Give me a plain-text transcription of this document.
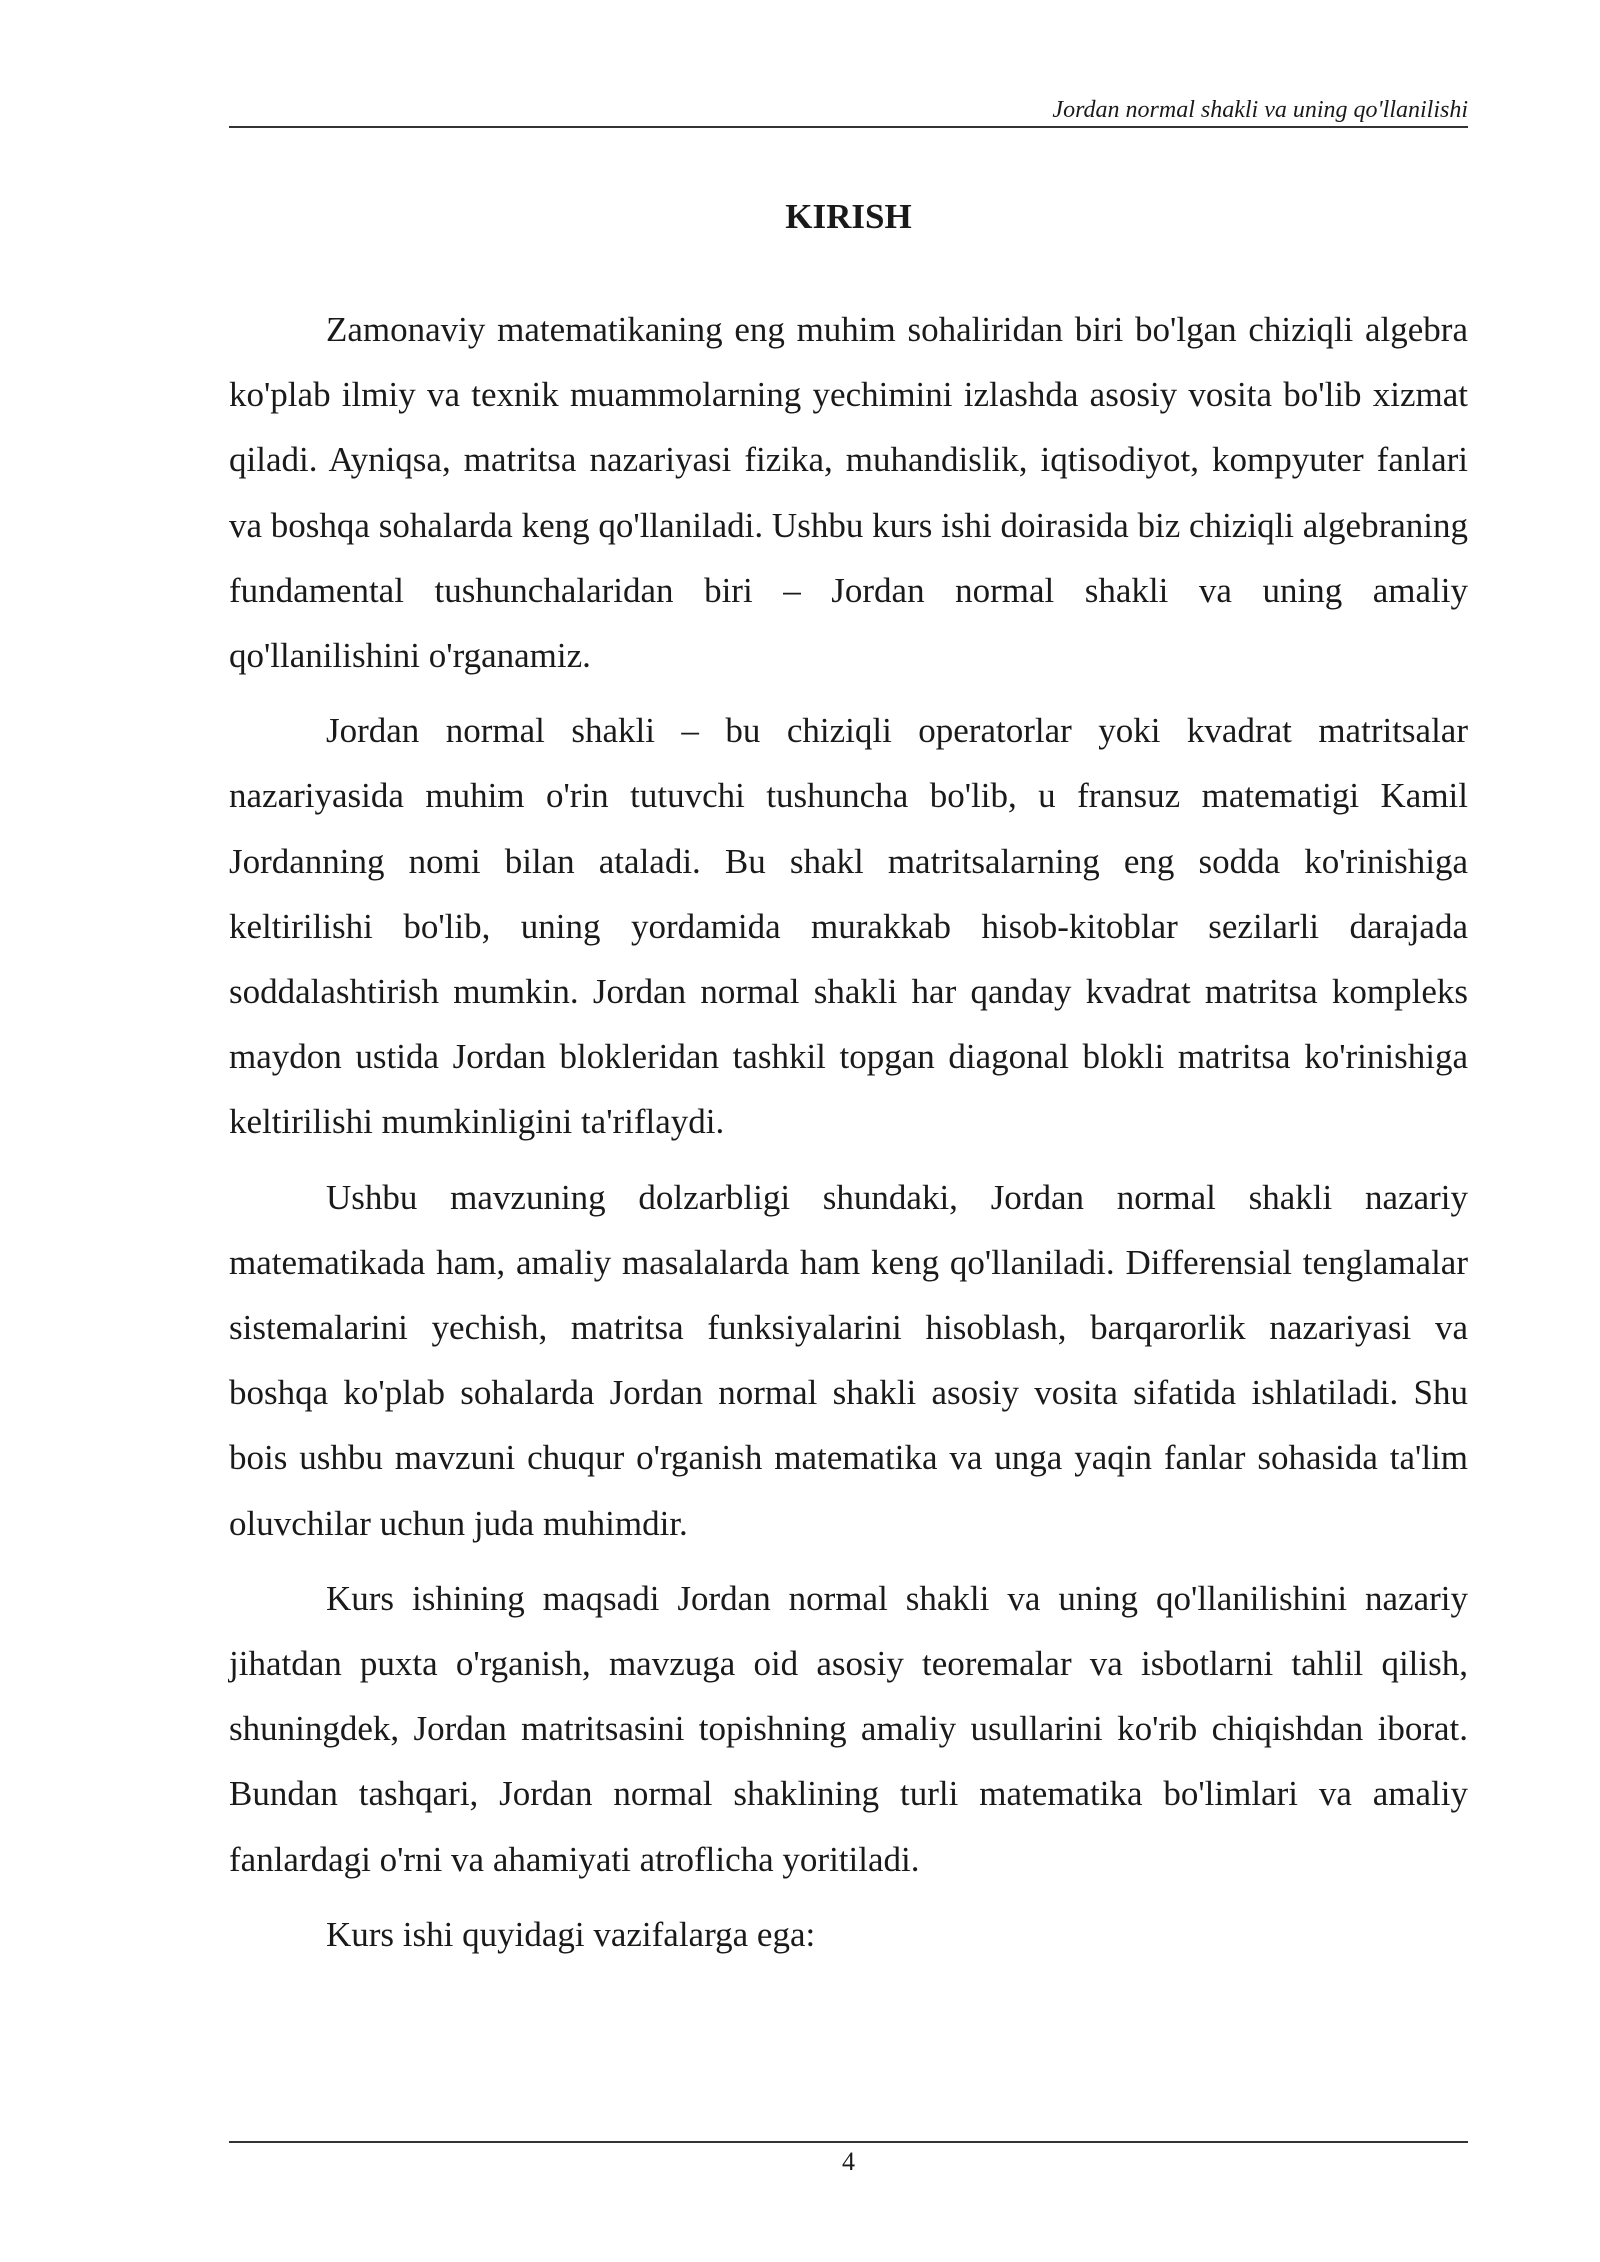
Jordan normal shakli va uning qo'llanilishi
KIRISH

Zamonaviy matematikaning eng muhim sohaliridan biri bo'lgan chiziqli algebra ko'plab ilmiy va texnik muammolarning yechimini izlashda asosiy vosita bo'lib xizmat qiladi. Ayniqsa, matritsa nazariyasi fizika, muhandislik, iqtisodiyot, kompyuter fanlari va boshqa sohalarda keng qo'llaniladi. Ushbu kurs ishi doirasida biz chiziqli algebraning fundamental tushunchalaridan biri – Jordan normal shakli va uning amaliy qo'llanilishini o'rganamiz.

Jordan normal shakli – bu chiziqli operatorlar yoki kvadrat matritsalar nazariyasida muhim o'rin tutuvchi tushuncha bo'lib, u fransuz matematigi Kamil Jordanning nomi bilan ataladi. Bu shakl matritsalarning eng sodda ko'rinishiga keltirilishi bo'lib, uning yordamida murakkab hisob-kitoblar sezilarli darajada soddalashtirish mumkin. Jordan normal shakli har qanday kvadrat matritsa kompleks maydon ustida Jordan blokleridan tashkil topgan diagonal blokli matritsa ko'rinishiga keltirilishi mumkinligini ta'riflaydi.

Ushbu mavzuning dolzarbligi shundaki, Jordan normal shakli nazariy matematikada ham, amaliy masalalarda ham keng qo'llaniladi. Differensial tenglamalar sistemalarini yechish, matritsa funksiyalarini hisoblash, barqarorlik nazariyasi va boshqa ko'plab sohalarda Jordan normal shakli asosiy vosita sifatida ishlatiladi. Shu bois ushbu mavzuni chuqur o'rganish matematika va unga yaqin fanlar sohasida ta'lim oluvchilar uchun juda muhimdir.

Kurs ishining maqsadi Jordan normal shakli va uning qo'llanilishini nazariy jihatdan puxta o'rganish, mavzuga oid asosiy teoremalar va isbotlarni tahlil qilish, shuningdek, Jordan matritsasini topishning amaliy usullarini ko'rib chiqishdan iborat. Bundan tashqari, Jordan normal shaklining turli matematika bo'limlari va amaliy fanlardagi o'rni va ahamiyati atroflicha yoritiladi.

Kurs ishi quyidagi vazifalarga ega:

4
